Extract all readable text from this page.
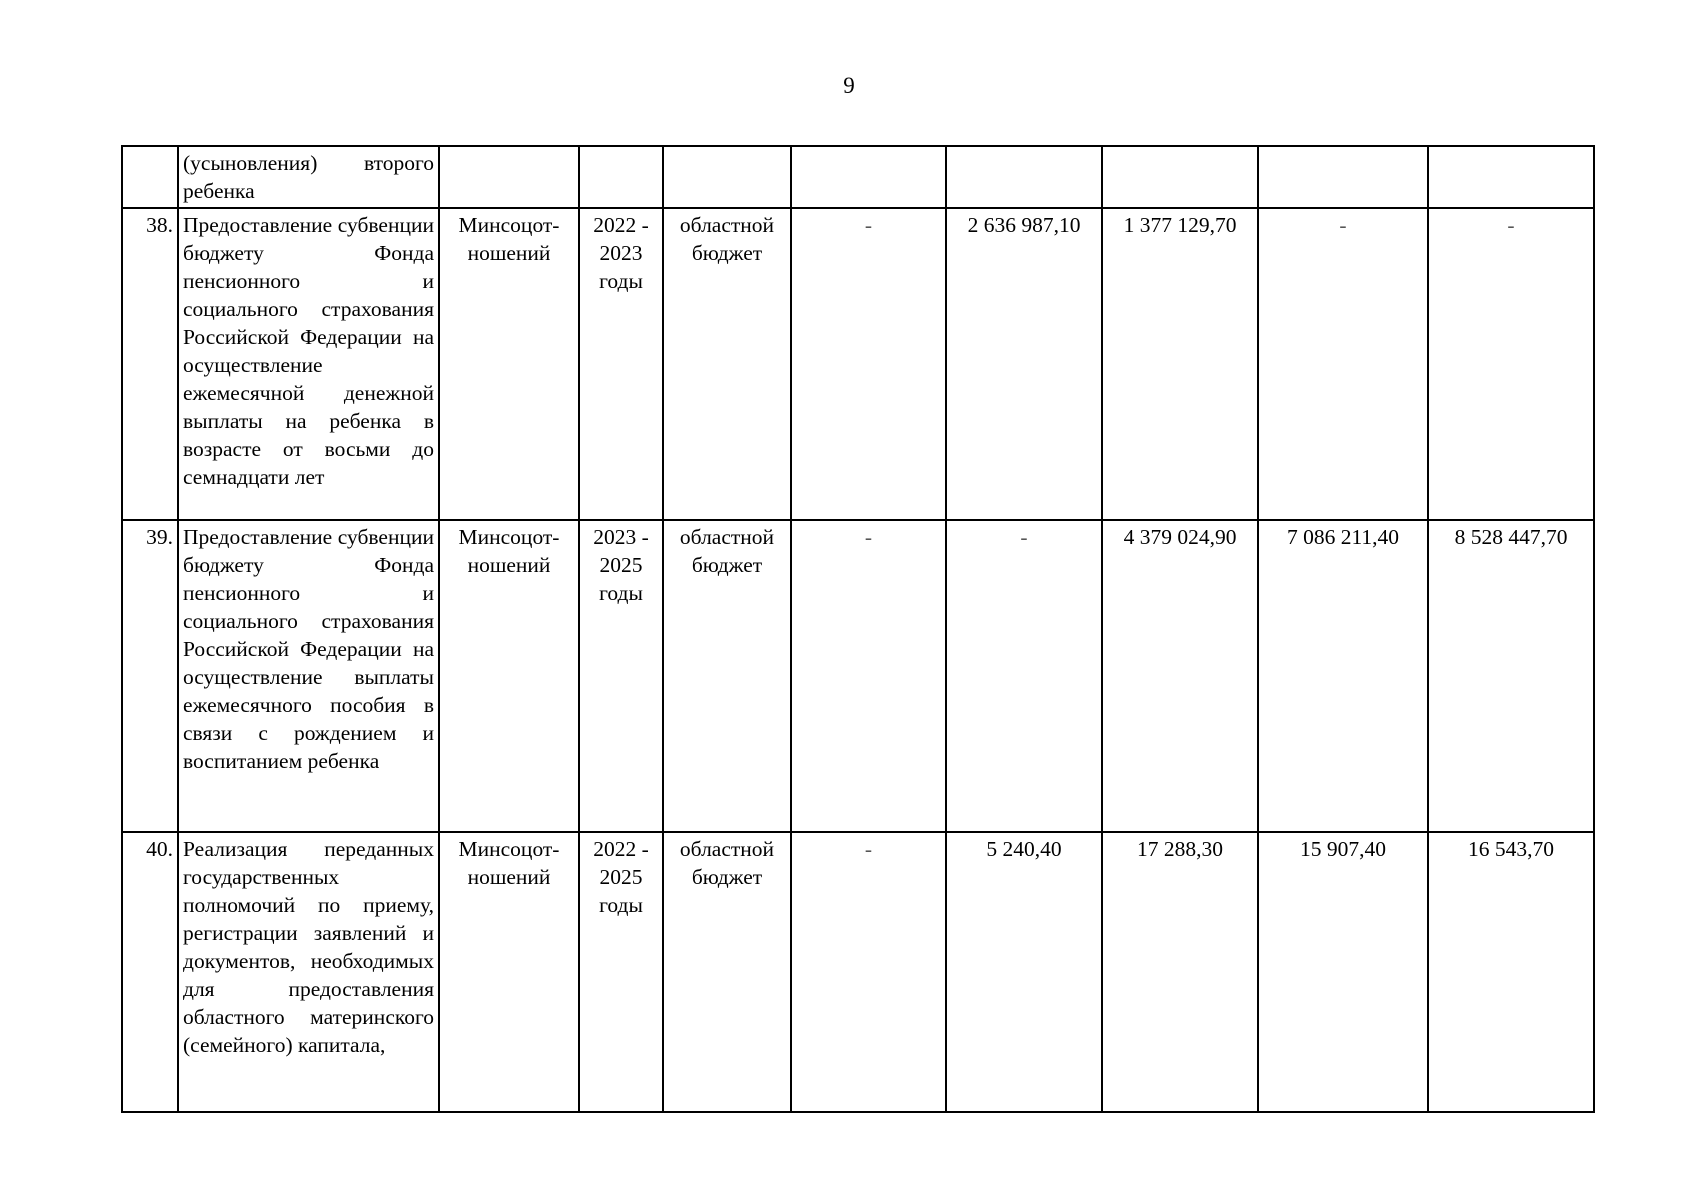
9
	(усыновления) второго ребенка								
38.	Предоставление субвенции бюджету Фонда пенсионного и социального страхования Российской Федерации на осуществление ежемесячной денежной выплаты на ребенка в возрасте от восьми до семнадцати лет	Минсоцот-ношений	2022 - 2023 годы	областной бюджет	-	2 636 987,10	1 377 129,70	-	-
39.	Предоставление субвенции бюджету Фонда пенсионного и социального страхования Российской Федерации на осуществление выплаты ежемесячного пособия в связи с рождением и воспитанием ребенка	Минсоцот-ношений	2023 - 2025 годы	областной бюджет	-	-	4 379 024,90	7 086 211,40	8 528 447,70
40.	Реализация переданных государственных полномочий по приему, регистрации заявлений и документов, необходимых для предоставления областного материнского (семейного) капитала,	Минсоцот-ношений	2022 - 2025 годы	областной бюджет	-	5 240,40	17 288,30	15 907,40	16 543,70
